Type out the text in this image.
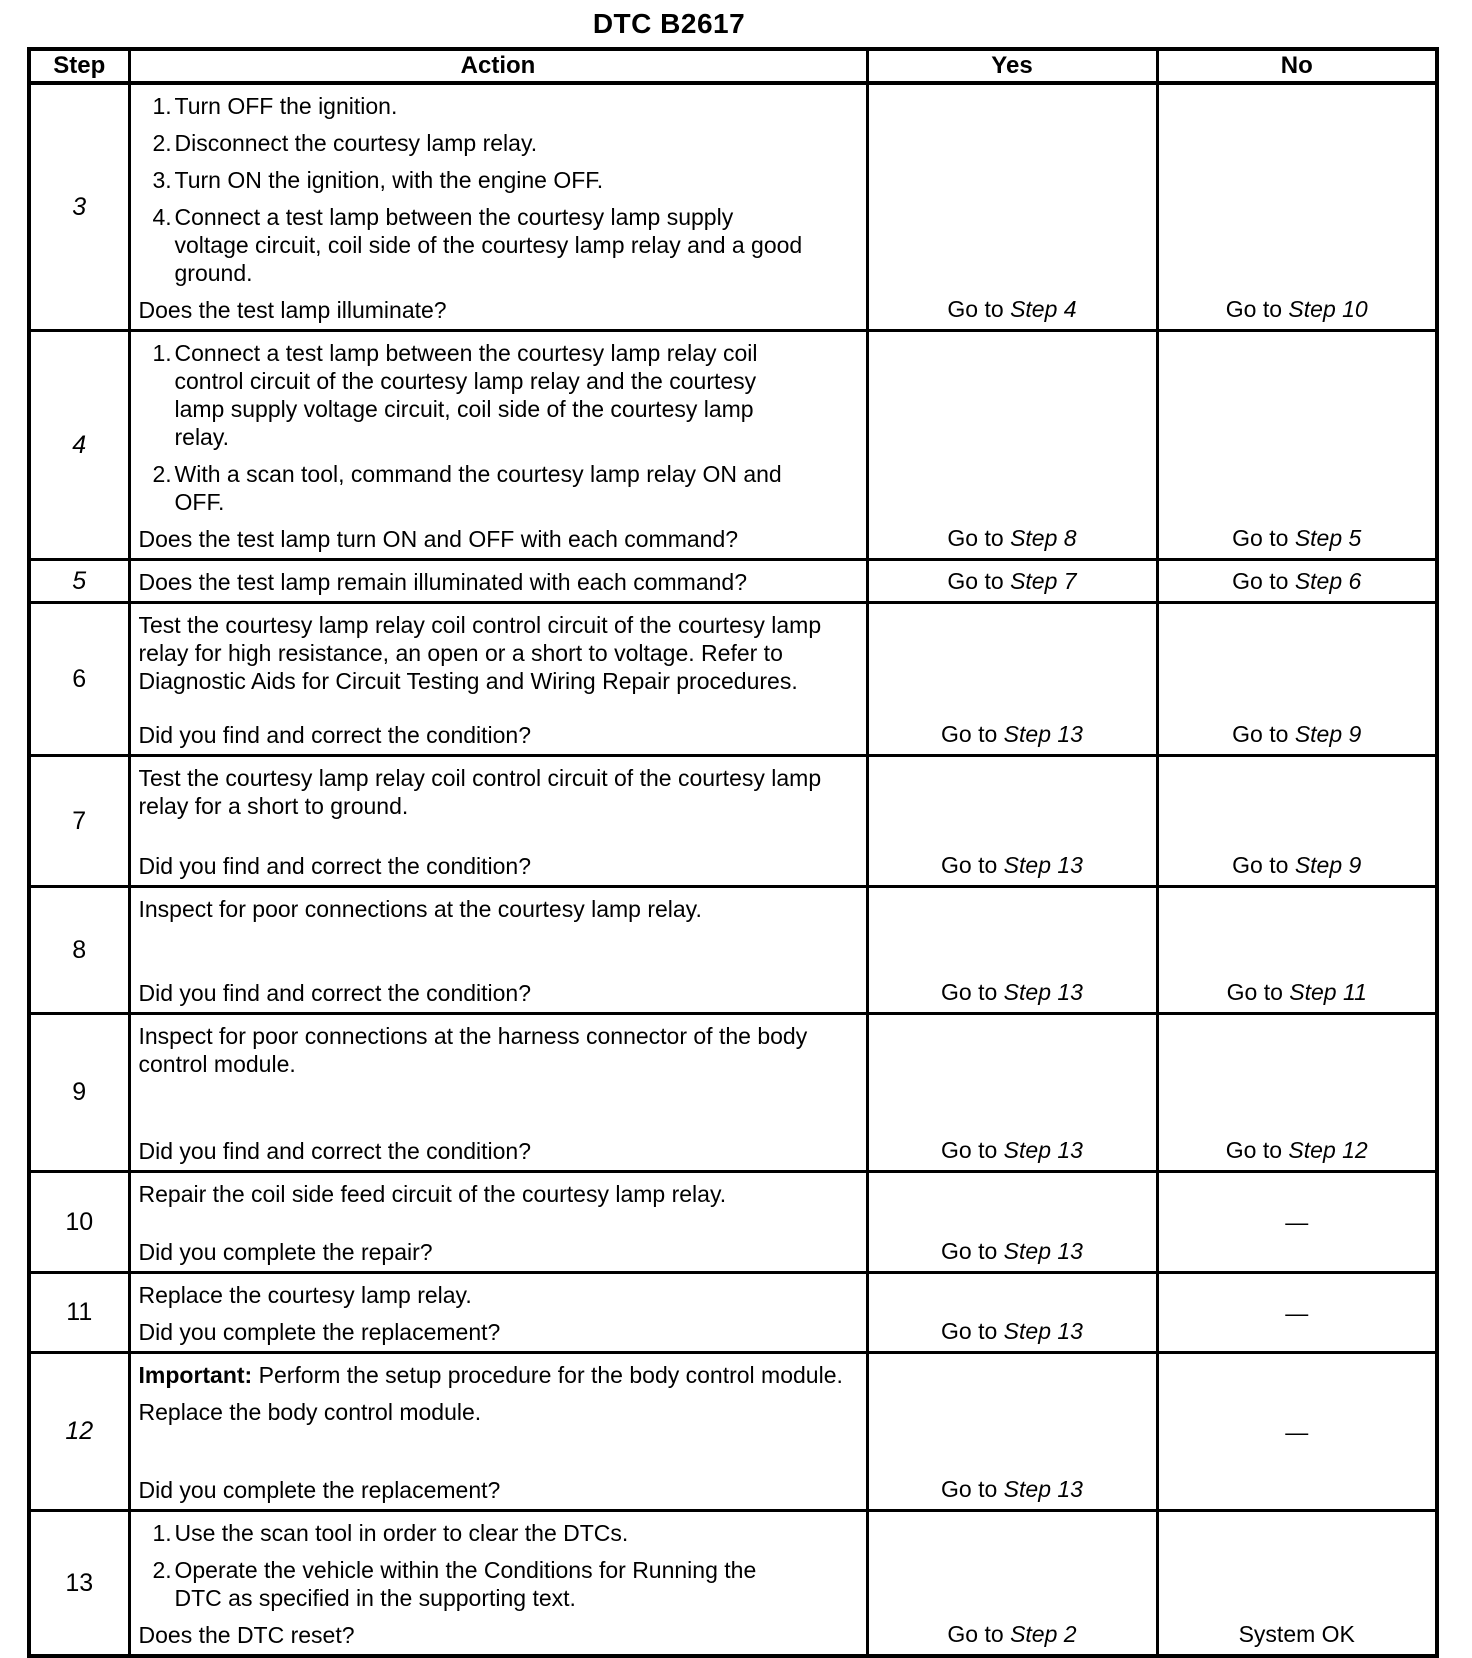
DTC B2617
Step	Action	Yes	No
3	
1. Turn OFF the ignition.
2. Disconnect the courtesy lamp relay.
3. Turn ON the ignition, with the engine OFF.
4. Connect a test lamp between the courtesy lamp supply voltage circuit, coil side of the courtesy lamp relay and a good ground.
Does the test lamp illuminate?	Go to Step 4	Go to Step 10

4	1. Connect a test lamp between the courtesy lamp relay coil control circuit of the courtesy lamp relay and the courtesy lamp supply voltage circuit, coil side of the courtesy lamp relay.
2. With a scan tool, command the courtesy lamp relay ON and OFF.
Does the test lamp turn ON and OFF with each command?	Go to Step 8	Go to Step 5

5	Does the test lamp remain illuminated with each command?	Go to Step 7	Go to Step 6

6	Test the courtesy lamp relay coil control circuit of the courtesy lamp relay for high resistance, an open or a short to voltage. Refer to Diagnostic Aids for Circuit Testing and Wiring Repair procedures.
Did you find and correct the condition?	Go to Step 13	Go to Step 9

7	Test the courtesy lamp relay coil control circuit of the courtesy lamp relay for a short to ground.
Did you find and correct the condition?	Go to Step 13	Go to Step 9

8	Inspect for poor connections at the courtesy lamp relay.
Did you find and correct the condition?	Go to Step 13	Go to Step 11

9	Inspect for poor connections at the harness connector of the body control module.
Did you find and correct the condition?	Go to Step 13	Go to Step 12

10	Repair the coil side feed circuit of the courtesy lamp relay.
Did you complete the repair?	Go to Step 13	—

11	Replace the courtesy lamp relay.
Did you complete the replacement?	Go to Step 13	—

12	Important: Perform the setup procedure for the body control module.
Replace the body control module.
Did you complete the replacement?	Go to Step 13	—

13	1. Use the scan tool in order to clear the DTCs.
2. Operate the vehicle within the Conditions for Running the DTC as specified in the supporting text.
Does the DTC reset?	Go to Step 2	System OK
